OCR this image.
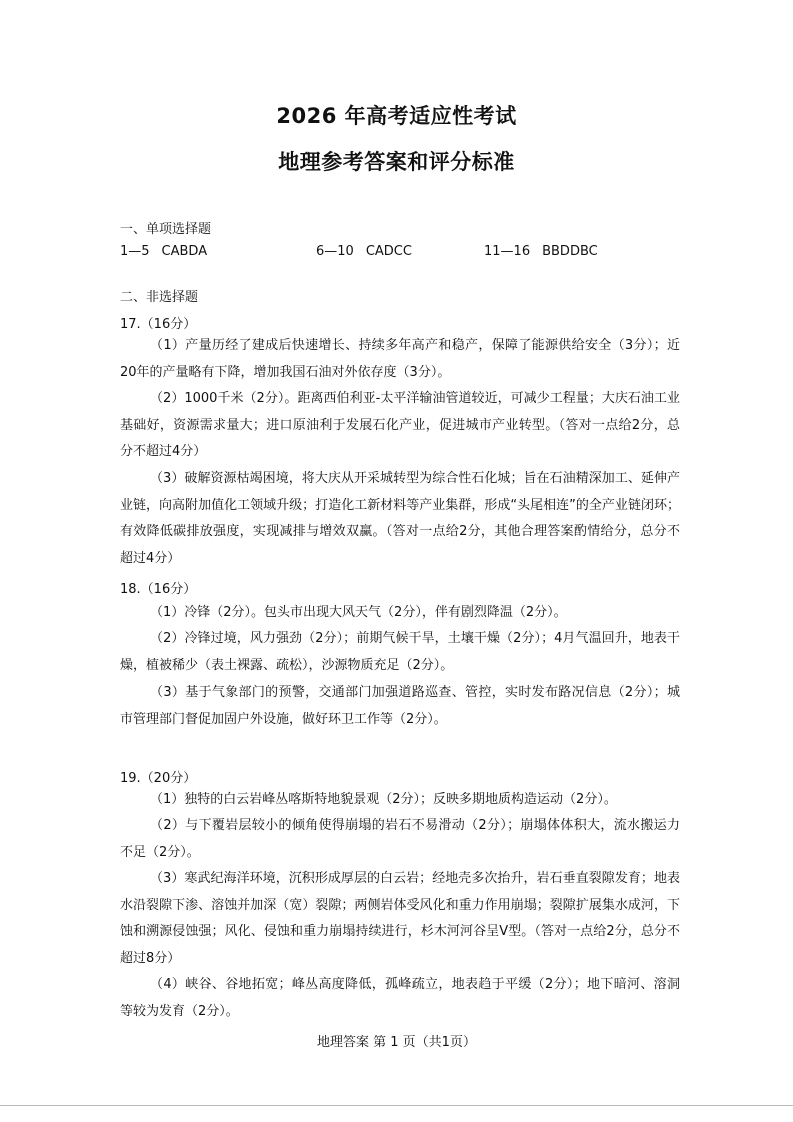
2026 年高考适应性考试
地理参考答案和评分标准
一、单项选择题
1—5 CABDA	6—10 CADCC	11—16 BBDDBC
二、非选择题
17.（16分）
（1）产量历经了建成后快速增长、持续多年高产和稳产，保障了能源供给安全（3分）；近20年的产量略有下降，增加我国石油对外依存度（3分）。
（2）1000千米（2分）。距离西伯利亚-太平洋输油管道较近，可减少工程量；大庆石油工业基础好，资源需求量大；进口原油利于发展石化产业，促进城市产业转型。（答对一点给2分，总分不超过4分）
（3）破解资源枯竭困境，将大庆从开采城转型为综合性石化城；旨在石油精深加工、延伸产业链，向高附加值化工领域升级；打造化工新材料等产业集群，形成“头尾相连”的全产业链闭环；有效降低碳排放强度，实现减排与增效双赢。（答对一点给2分，其他合理答案酌情给分，总分不超过4分）
18.（16分）
（1）冷锋（2分）。包头市出现大风天气（2分），伴有剧烈降温（2分）。
（2）冷锋过境，风力强劲（2分）；前期气候干旱，土壤干燥（2分）；4月气温回升，地表干燥，植被稀少（表土裸露、疏松），沙源物质充足（2分）。
（3）基于气象部门的预警，交通部门加强道路巡查、管控，实时发布路况信息（2分）；城市管理部门督促加固户外设施，做好环卫工作等（2分）。
19.（20分）
（1）独特的白云岩峰丛喀斯特地貌景观（2分）；反映多期地质构造运动（2分）。
（2）与下覆岩层较小的倾角使得崩塌的岩石不易滑动（2分）；崩塌体体积大，流水搬运力不足（2分）。
（3）寒武纪海洋环境，沉积形成厚层的白云岩；经地壳多次抬升，岩石垂直裂隙发育；地表水沿裂隙下渗、溶蚀并加深（宽）裂隙；两侧岩体受风化和重力作用崩塌；裂隙扩展集水成河，下蚀和溯源侵蚀强；风化、侵蚀和重力崩塌持续进行，杉木河河谷呈V型。（答对一点给2分，总分不超过8分）
（4）峡谷、谷地拓宽；峰丛高度降低，孤峰疏立，地表趋于平缓（2分）；地下暗河、溶洞等较为发育（2分）。
地理答案 第 1 页（共1页）
